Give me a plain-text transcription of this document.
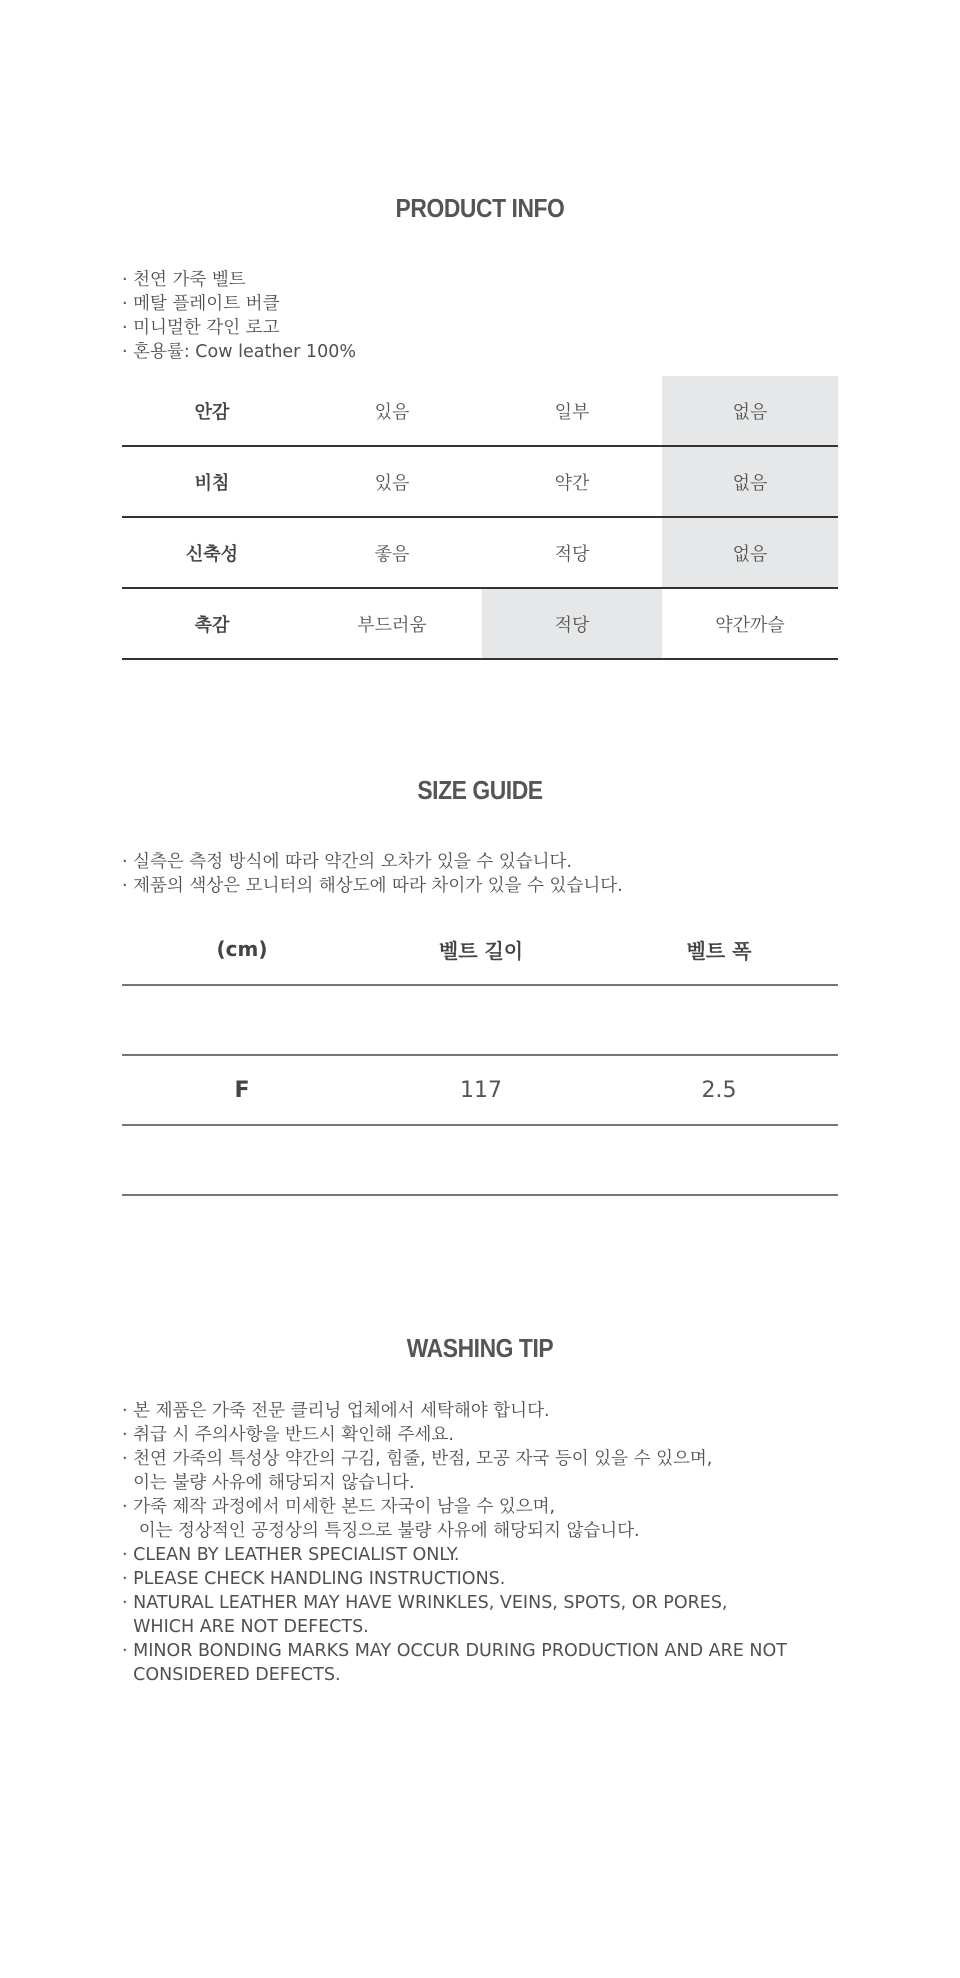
PRODUCT INFO
· 천연 가죽 벨트
· 메탈 플레이트 버클
· 미니멀한 각인 로고
· 혼용률: Cow leather 100%
안감	있음	일부	없음
비침	있음	약간	없음
신축성	좋음	적당	없음
촉감	부드러움	적당	약간까슬
SIZE GUIDE
· 실측은 측정 방식에 따라 약간의 오차가 있을 수 있습니다.
· 제품의 색상은 모니터의 해상도에 따라 차이가 있을 수 있습니다.
(cm)	벨트 길이	벨트 폭

F	117	2.5

WASHING TIP
· 본 제품은 가죽 전문 클리닝 업체에서 세탁해야 합니다.
· 취급 시 주의사항을 반드시 확인해 주세요.
· 천연 가죽의 특성상 약간의 구김, 힘줄, 반점, 모공 자국 등이 있을 수 있으며,
이는 불량 사유에 해당되지 않습니다.
· 가죽 제작 과정에서 미세한 본드 자국이 남을 수 있으며,
이는 정상적인 공정상의 특징으로 불량 사유에 해당되지 않습니다.
· CLEAN BY LEATHER SPECIALIST ONLY.
· PLEASE CHECK HANDLING INSTRUCTIONS.
· NATURAL LEATHER MAY HAVE WRINKLES, VEINS, SPOTS, OR PORES,
WHICH ARE NOT DEFECTS.
· MINOR BONDING MARKS MAY OCCUR DURING PRODUCTION AND ARE NOT
CONSIDERED DEFECTS.
